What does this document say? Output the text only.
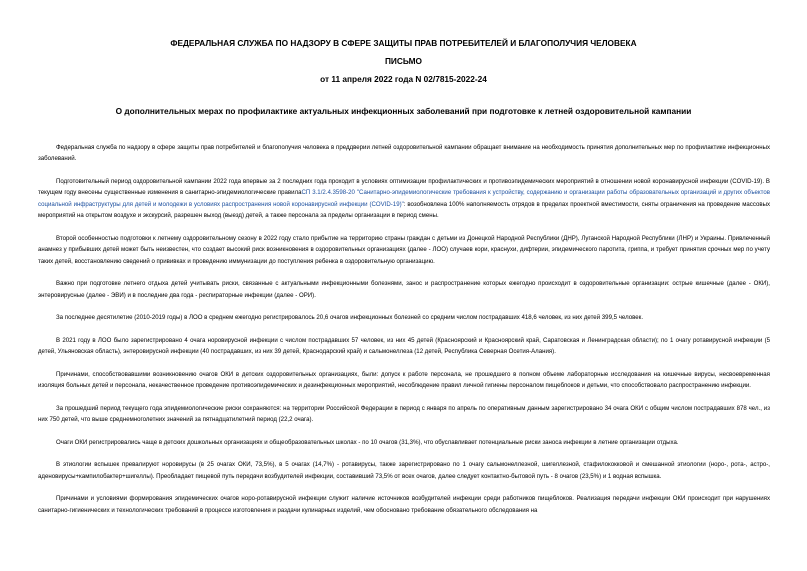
ФЕДЕРАЛЬНАЯ СЛУЖБА ПО НАДЗОРУ В СФЕРЕ ЗАЩИТЫ ПРАВ ПОТРЕБИТЕЛЕЙ И БЛАГОПОЛУЧИЯ ЧЕЛОВЕКА
ПИСЬМО
от 11 апреля 2022 года N 02/7815-2022-24
О дополнительных мерах по профилактике актуальных инфекционных заболеваний при подготовке к летней оздоровительной кампании

Федеральная служба по надзору в сфере защиты прав потребителей и благополучия человека в преддверии летней оздоровительной кампании обращает внимание на необходимость принятия дополнительных мер по профилактике инфекционных заболеваний.

Подготовительный период оздоровительной кампании 2022 года впервые за 2 последних года проходит в условиях оптимизации профилактических и противоэпидемических мероприятий в отношении новой коронавирусной инфекции (COVID-19). В текущем году внесены существенные изменения в санитарно-эпидемиологические правилаСП 3.1/2.4.3598-20 "Санитарно-эпидемиологические требования к устройству, содержанию и организации работы образовательных организаций и других объектов социальной инфраструктуры для детей и молодежи в условиях распространения новой коронавирусной инфекции (COVID-19)": возобновлена 100% наполняемость отрядов в пределах проектной вместимости, сняты ограничения на проведение массовых мероприятий на открытом воздухе и экскурсий, разрешен выход (выезд) детей, а также персонала за пределы организации в период смены.

Второй особенностью подготовки к летнему оздоровительному сезону в 2022 году стало прибытие на территорию страны граждан с детьми из Донецкой Народной Республики (ДНР), Луганской Народной Республики (ЛНР) и Украины. Привлеченный анамнез у прибывших детей может быть неизвестен, что создает высокий риск возникновения в оздоровительных организациях (далее - ЛОО) случаев кори, краснухи, дифтерии, эпидемического паротита, гриппа, и требует принятия срочных мер по учету таких детей, восстановлению сведений о прививках и проведению иммунизации до поступления ребенка в оздоровительную организацию.

Важно при подготовке летнего отдыха детей учитывать риски, связанные с актуальными инфекционными болезнями, занос и распространение которых ежегодно происходит в оздоровительные организации: острые кишечные (далее - ОКИ), энтеровирусные (далее - ЭВИ) и в последние два года - респираторные инфекции (далее - ОРИ).

За последнее десятилетие (2010-2019 годы) в ЛОО в среднем ежегодно регистрировалось 20,6 очагов инфекционных болезней со средним числом пострадавших 418,6 человек, из них детей 399,5 человек.

В 2021 году в ЛОО было зарегистрировано 4 очага норовирусной инфекции с числом пострадавших 57 человек, из них 45 детей (Красноярский и Красноярский край, Саратовская и Ленинградская области); по 1 очагу ротавирусной инфекции (5 детей, Ульяновская область), энтеровирусной инфекции (40 пострадавших, из них 39 детей, Краснодарский край) и сальмонеллеза (12 детей, Республика Северная Осетия-Алания).

Причинами, способствовавшими возникновению очагов ОКИ в детских оздоровительных организациях, были: допуск к работе персонала, не прошедшего в полном объеме лабораторные исследования на кишечные вирусы, несвоевременная изоляция больных детей и персонала, некачественное проведение противоэпидемических и дезинфекционных мероприятий, несоблюдение правил личной гигиены персоналом пищеблоков и детьми, что способствовало распространению инфекции.

За прошедший период текущего года эпидемиологические риски сохраняются: на территории Российской Федерации в период с января по апрель по оперативным данным зарегистрировано 34 очага ОКИ с общим числом пострадавших 878 чел., из них 750 детей, что выше среднемноголетних значений за пятнадцатилетний период (22,2 очага).

Очаги ОКИ регистрировались чаще в детских дошкольных организациях и общеобразовательных школах - по 10 очагов (31,3%), что обуславливает потенциальные риски заноса инфекции в летние организации отдыха.

В этиологии вспышек превалируют норовирусы (в 25 очагах ОКИ, 73,5%), в 5 очагах (14,7%) - ротавирусы, также зарегистрировано по 1 очагу сальмонеллезной, шигеллезной, стафилококковой и смешанной этиологии (норо-, рота-, астро-, аденовирусы+кампилобактер+шигеллы). Преобладает пищевой путь передачи возбудителей инфекции, составивший 73,5% от всех очагов, далее следует контактно-бытовой путь - 8 очагов (23,5%) и 1 водная вспышка.

Причинами и условиями формирования эпидемических очагов норо-ротавирусной инфекции служит наличие источников возбудителей инфекции среди работников пищеблоков. Реализация передачи инфекции ОКИ происходит при нарушениях санитарно-гигиенических и технологических требований в процессе изготовления и раздачи кулинарных изделий, чем обосновано требование обязательного обследования на
